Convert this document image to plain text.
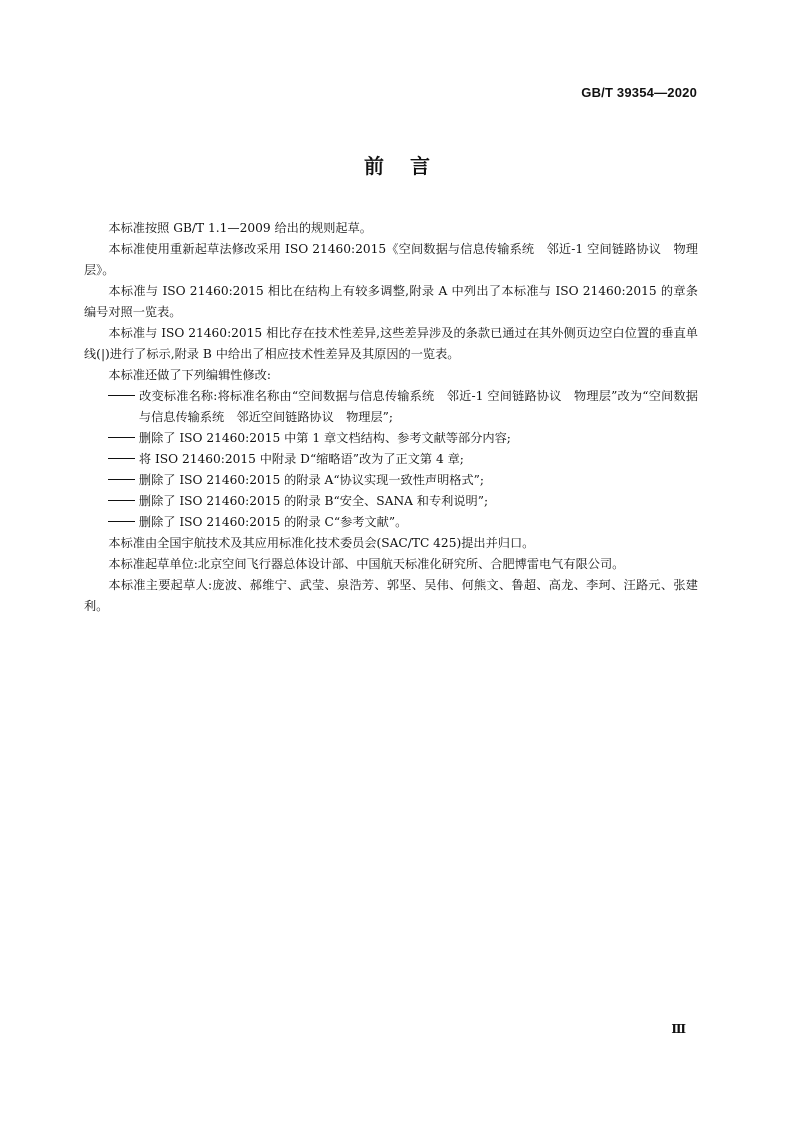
GB/T 39354—2020
前言

本标准按照 GB/T 1.1—2009 给出的规则起草。

本标准使用重新起草法修改采用 ISO 21460:2015《空间数据与信息传输系统　邻近-1 空间链路协议　物理层》。

本标准与 ISO 21460:2015 相比在结构上有较多调整,附录 A 中列出了本标准与 ISO 21460:2015 的章条编号对照一览表。

本标准与 ISO 21460:2015 相比存在技术性差异,这些差异涉及的条款已通过在其外侧页边空白位置的垂直单线(|)进行了标示,附录 B 中给出了相应技术性差异及其原因的一览表。

本标准还做了下列编辑性修改:

改变标准名称:将标准名称由“空间数据与信息传输系统　邻近-1 空间链路协议　物理层”改为“空间数据与信息传输系统　邻近空间链路协议　物理层”;

删除了 ISO 21460:2015 中第 1 章文档结构、参考文献等部分内容;

将 ISO 21460:2015 中附录 D“缩略语”改为了正文第 4 章;

删除了 ISO 21460:2015 的附录 A“协议实现一致性声明格式”;

删除了 ISO 21460:2015 的附录 B“安全、SANA 和专利说明”;

删除了 ISO 21460:2015 的附录 C“参考文献”。

本标准由全国宇航技术及其应用标准化技术委员会(SAC/TC 425)提出并归口。

本标准起草单位:北京空间飞行器总体设计部、中国航天标准化研究所、合肥博雷电气有限公司。

本标准主要起草人:庞波、郝维宁、武莹、泉浩芳、郭坚、吴伟、何熊文、鲁超、高龙、李珂、汪路元、张建利。

Ⅲ
